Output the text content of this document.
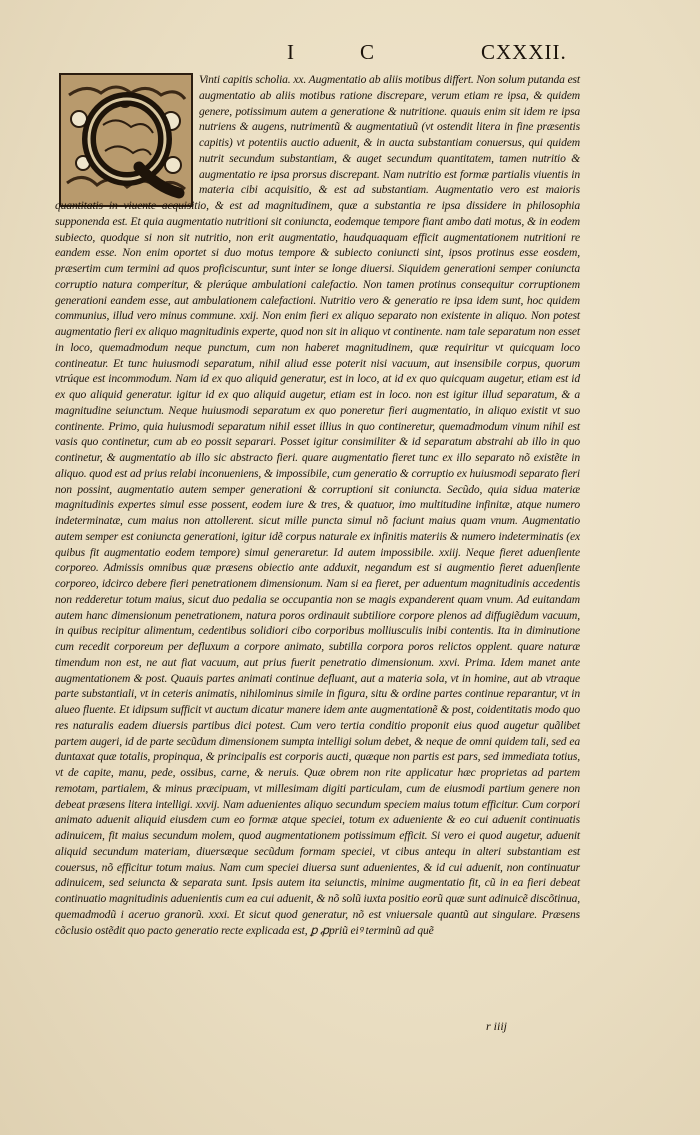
I	C	CXXXII.

Vinti capitis scholia. xx. Augmentatio ab aliis motibus differt. Non solum putanda est augmentatio ab aliis motibus ratione discrepare, verum etiam re ipsa, & quidem genere, potissimum autem a generatione & nutritione. quauis enim sit idem re ipsa nutriens & augens, nutrimentũ & augmentatiuũ (vt ostendit litera in fine præsentis capitis) vt potentiis auctio aduenit, & in aucta substantiam conuersus, qui quidem nutrit secundum substantiam, & auget secundum quantitatem, tamen nutritio & augmentatio re ipsa prorsus discrepant. Nam nutritio est formæ partialis viuentis in materia cibi acquisitio, & est ad substantiam. Augmentatio vero est maioris quantitatis in viuente acquisitio, & est ad magnitudinem, quæ a substantia re ipsa dissidere in philosophia supponenda est. Et quia augmentatio nutritioni sit coniuncta, eodemque tempore fiant ambo dati motus, & in eodem subiecto, quodque si non sit nutritio, non erit augmentatio, haudquaquam efficit augmentationem nutritioni re eandem esse. Non enim oportet si duo motus tempore & subiecto coniuncti sint, ipsos protinus esse eosdem, præsertim cum termini ad quos proficiscuntur, sunt inter se longe diuersi. Siquidem generationi semper coniuncta corruptio natura comperitur, & plerúque ambulationi calefactio. Non tamen protinus consequitur corruptionem generationi eandem esse, aut ambulationem calefactioni. Nutritio vero & generatio re ipsa idem sunt, hoc quidem communius, illud vero minus commune. xxij. Non enim fieri ex aliquo separato non existente in aliquo. Non potest augmentatio fieri ex aliquo magnitudinis experte, quod non sit in aliquo vt continente. nam tale separatum non esset in loco, quemadmodum neque punctum, cum non haberet magnitudinem, quæ requiritur vt quicquam loco contineatur. Et tunc huiusmodi separatum, nihil aliud esse poterit nisi vacuum, aut insensibile corpus, quorum vtrúque est incommodum. Nam id ex quo aliquid generatur, est in loco, at id ex quo quicquam augetur, etiam est id ex quo aliquid generatur. igitur id ex quo aliquid augetur, etiam est in loco. non est igitur illud separatum, & a magnitudine seiunctum. Neque huiusmodi separatum ex quo poneretur fieri augmentatio, in aliquo existit vt suo continente. Primo, quia huiusmodi separatum nihil esset illius in quo contineretur, quemadmodum vinum nihil est vasis quo continetur, cum ab eo possit separari. Posset igitur consimiliter & id separatum abstrahi ab illo in quo continetur, & augmentatio ab illo sic abstracto fieri. quare augmentatio fieret tunc ex illo separato nõ existẽte in aliquo. quod est ad prius relabi inconueniens, & impossibile, cum generatio & corruptio ex huiusmodi separato fieri non possint, augmentatio autem semper generationi & corruptioni sit coniuncta. Secũdo, quia sidua materiæ magnitudinis expertes simul esse possent, eodem iure & tres, & quatuor, imo multitudine infinitæ, atque numero indeterminatæ, cum maius non attollerent. sicut mille puncta simul nõ faciunt maius quam vnum. Augmentatio autem semper est coniuncta generationi, igitur idẽ corpus naturale ex infinitis materiis & numero indeterminatis (ex quibus fit augmentatio eodem tempore) simul generaretur. Id autem impossibile. xxiij. Neque fieret aduenſiente corporeo. Admissis omnibus quæ præsens obiectio ante adduxit, negandum est si augmentio fieret aduenſiente corporeo, idcirco debere fieri penetrationem dimensionum. Nam si ea fieret, per aduentum magnitudinis accedentis non redderetur totum maius, sicut duo pedalia se occupantia non se magis expanderent quam vnum. Ad euitandam autem hanc dimensionum penetrationem, natura poros ordinauit subtiliore corpore plenos ad diffugiẽdum vacuum, in quibus recipitur alimentum, cedentibus solidiori cibo corporibus molliusculis inibi contentis. Ita in diminutione cum recedit corporeum per defluxum a corpore animato, subtilla corpora poros relictos opplent. quare naturæ timendum non est, ne aut fiat vacuum, aut prius fuerit penetratio dimensionum. xxvi. Prima. Idem manet ante augmentationem & post. Quauis partes animati continue defluant, aut a materia sola, vt in homine, aut ab vtraque parte substantiali, vt in ceteris animatis, nihilominus simile in figura, situ & ordine partes continue reparantur, vt in alueo fluente. Et idipsum sufficit vt auctum dicatur manere idem ante augmentationẽ & post, coidentitatis modo quo res naturalis eadem diuersis partibus dici potest. Cum vero tertia conditio proponit eius quod augetur quãlibet partem augeri, id de parte secũdum dimensionem sumpta intelligi solum debet, & neque de omni quidem tali, sed ea duntaxat quæ totalis, propinqua, & principalis est corporis aucti, quæque non partis est pars, sed immediata totius, vt de capite, manu, pede, ossibus, carne, & neruis. Quæ obrem non rite applicatur hæc proprietas ad partem remotam, partialem, & minus præcipuam, vt millesimam digiti particulam, cum de eiusmodi partium genere non debeat præsens litera intelligi. xxvij. Nam aduenientes aliquo secundum speciem maius totum efficitur. Cum corpori animato aduenit aliquid eiusdem cum eo formæ atque speciei, totum ex adueniente & eo cui aduenit continuatis adinuicem, fit maius secundum molem, quod augmentationem potissimum efficit. Si vero ei quod augetur, aduenit aliquid secundum materiam, diuersæque secũdum formam speciei, vt cibus antequ in alteri substantiam est couersus, nõ efficitur totum maius. Nam cum speciei diuersa sunt aduenientes, & id cui aduenit, non continuatur adinuicem, sed seiuncta & separata sunt. Ipsis autem ita seiunctis, minime augmentatio fit, cũ in ea fieri debeat continuatio magnitudinis aduenientis cum ea cui aduenit, & nõ solũ iuxta positio eorũ quæ sunt adinuicẽ discõtinua, quemadmodũ i aceruo granorũ. xxxi. Et sicut quod generatur, nõ est vniuersale quantũ aut singulare. Præsens cõclusio ostẽdit quo pacto generatio recte explicada est, ꝑ ꝓpriũ eiꝰ terminũ ad quẽ

r iiij
